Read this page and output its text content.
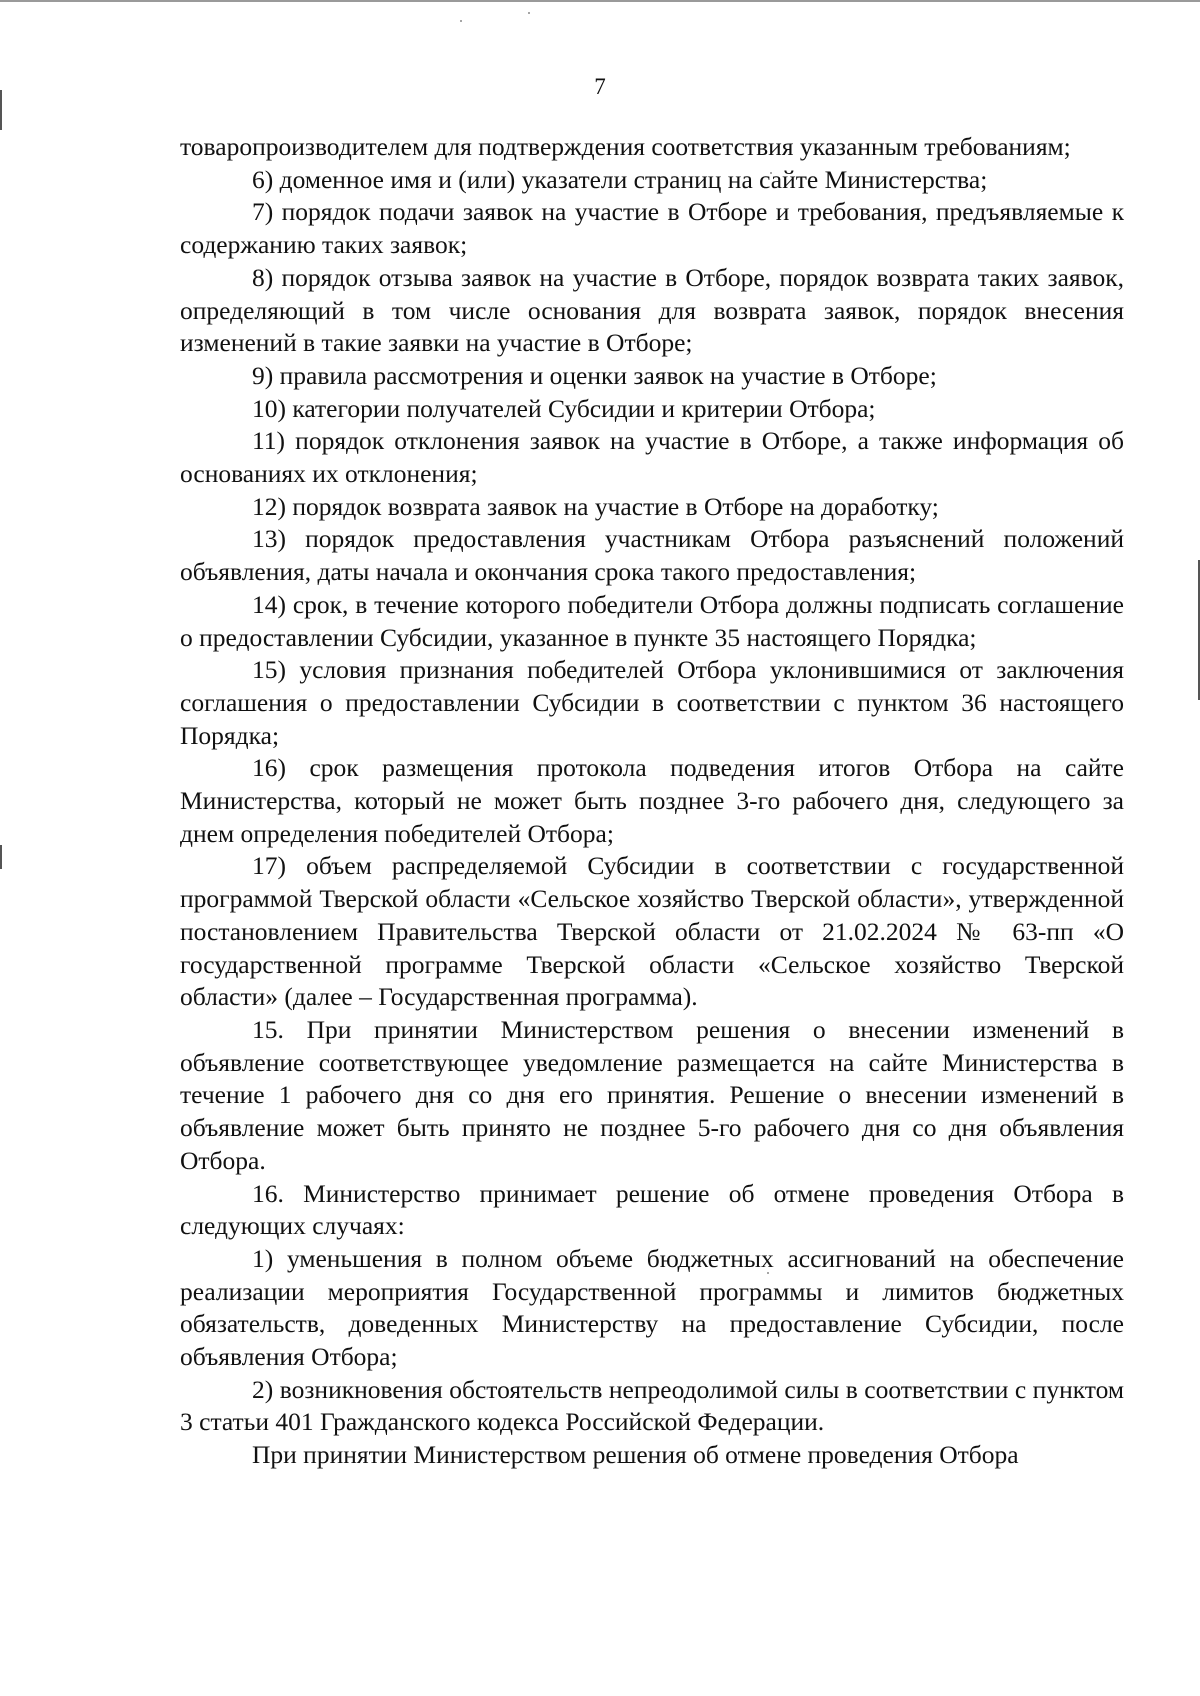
7

товаропроизводителем для подтверждения соответствия указанным требованиям;

6) доменное имя и (или) указатели страниц на сайте Министерства;

7) порядок подачи заявок на участие в Отборе и требования, предъявляемые к содержанию таких заявок;

8) порядок отзыва заявок на участие в Отборе, порядок возврата таких заявок, определяющий в том числе основания для возврата заявок, порядок внесения изменений в такие заявки на участие в Отборе;

9) правила рассмотрения и оценки заявок на участие в Отборе;

10) категории получателей Субсидии и критерии Отбора;

11) порядок отклонения заявок на участие в Отборе, а также информация об основаниях их отклонения;

12) порядок возврата заявок на участие в Отборе на доработку;

13) порядок предоставления участникам Отбора разъяснений положений объявления, даты начала и окончания срока такого предоставления;

14) срок, в течение которого победители Отбора должны подписать соглашение о предоставлении Субсидии, указанное в пункте 35 настоящего Порядка;

15) условия признания победителей Отбора уклонившимися от заключения соглашения о предоставлении Субсидии в соответствии с пунктом 36 настоящего Порядка;

16) срок размещения протокола подведения итогов Отбора на сайте Министерства, который не может быть позднее 3-го рабочего дня, следующего за днем определения победителей Отбора;

17) объем распределяемой Субсидии в соответствии с государственной программой Тверской области «Сельское хозяйство Тверской области», утвержденной постановлением Правительства Тверской области от 21.02.2024 № 63-пп «О государственной программе Тверской области «Сельское хозяйство Тверской области» (далее – Государственная программа).

15. При принятии Министерством решения о внесении изменений в объявление соответствующее уведомление размещается на сайте Министерства в течение 1 рабочего дня со дня его принятия. Решение о внесении изменений в объявление может быть принято не позднее 5-го рабочего дня со дня объявления Отбора.

16. Министерство принимает решение об отмене проведения Отбора в следующих случаях:

1) уменьшения в полном объеме бюджетных ассигнований на обеспечение реализации мероприятия Государственной программы и лимитов бюджетных обязательств, доведенных Министерству на предоставление Субсидии, после объявления Отбора;

2) возникновения обстоятельств непреодолимой силы в соответствии с пунктом 3 статьи 401 Гражданского кодекса Российской Федерации.

При принятии Министерством решения об отмене проведения Отбора
